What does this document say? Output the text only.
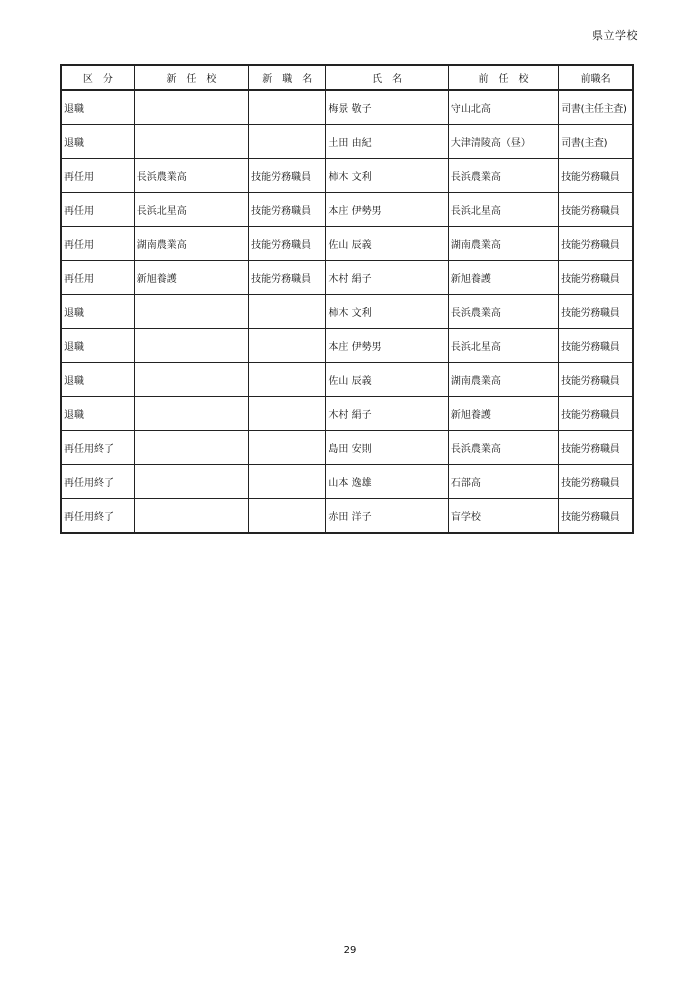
県立学校
区　分	新　任　校	新　職　名	氏　名	前　任　校	前職名
退職			梅景 敬子	守山北高	司書(主任主査)
退職			土田 由紀	大津清陵高（昼）	司書(主査)
再任用	長浜農業高	技能労務職員	柿木 文利	長浜農業高	技能労務職員
再任用	長浜北星高	技能労務職員	本庄 伊勢男	長浜北星高	技能労務職員
再任用	湖南農業高	技能労務職員	佐山 辰義	湖南農業高	技能労務職員
再任用	新旭養護	技能労務職員	木村 絹子	新旭養護	技能労務職員
退職			柿木 文利	長浜農業高	技能労務職員
退職			本庄 伊勢男	長浜北星高	技能労務職員
退職			佐山 辰義	湖南農業高	技能労務職員
退職			木村 絹子	新旭養護	技能労務職員
再任用終了			島田 安則	長浜農業高	技能労務職員
再任用終了			山本 逸雄	石部高	技能労務職員
再任用終了			赤田 洋子	盲学校	技能労務職員
29
